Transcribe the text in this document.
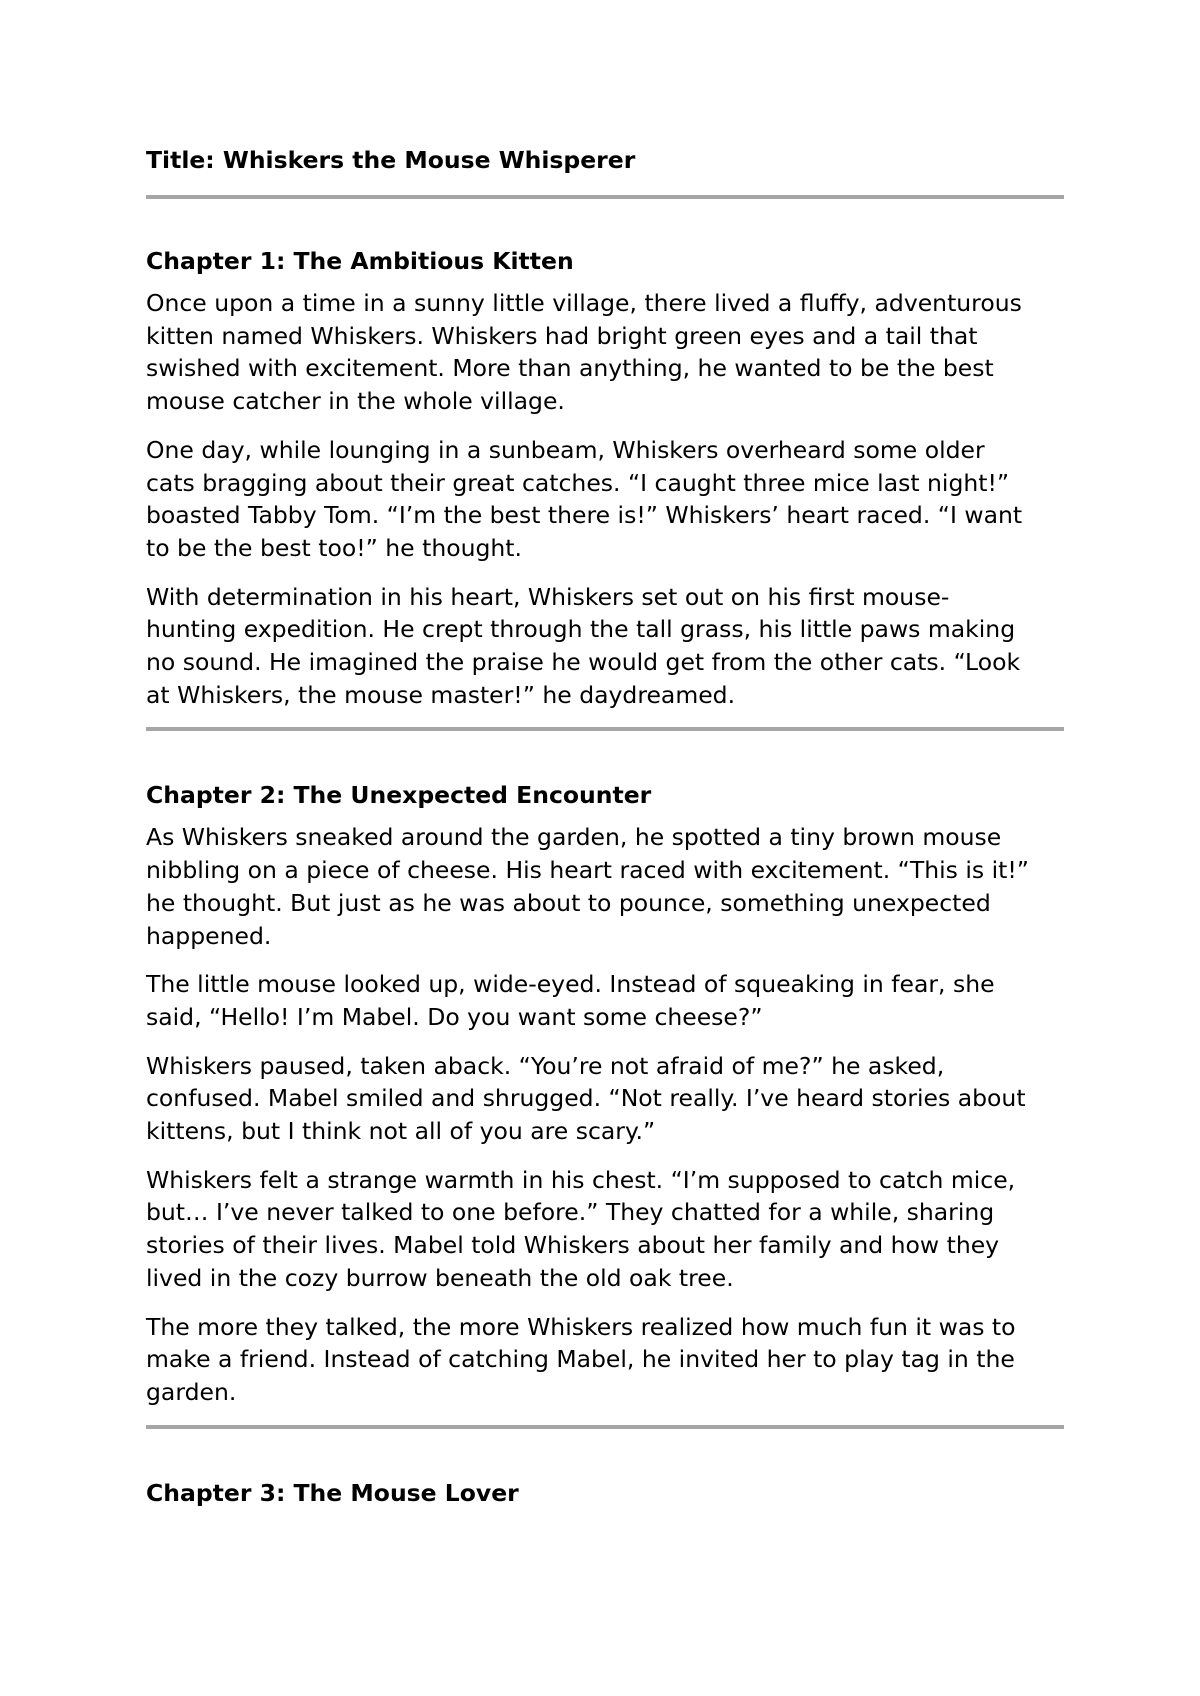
Title: Whiskers the Mouse Whisperer
Chapter 1: The Ambitious Kitten

Once upon a time in a sunny little village, there lived a fluffy, adventurous
kitten named Whiskers. Whiskers had bright green eyes and a tail that
swished with excitement. More than anything, he wanted to be the best
mouse catcher in the whole village.

One day, while lounging in a sunbeam, Whiskers overheard some older
cats bragging about their great catches. “I caught three mice last night!”
boasted Tabby Tom. “I’m the best there is!” Whiskers’ heart raced. “I want
to be the best too!” he thought.

With determination in his heart, Whiskers set out on his first mouse-
hunting expedition. He crept through the tall grass, his little paws making
no sound. He imagined the praise he would get from the other cats. “Look
at Whiskers, the mouse master!” he daydreamed.

Chapter 2: The Unexpected Encounter

As Whiskers sneaked around the garden, he spotted a tiny brown mouse
nibbling on a piece of cheese. His heart raced with excitement. “This is it!”
he thought. But just as he was about to pounce, something unexpected
happened.

The little mouse looked up, wide-eyed. Instead of squeaking in fear, she
said, “Hello! I’m Mabel. Do you want some cheese?”

Whiskers paused, taken aback. “You’re not afraid of me?” he asked,
confused. Mabel smiled and shrugged. “Not really. I’ve heard stories about
kittens, but I think not all of you are scary.”

Whiskers felt a strange warmth in his chest. “I’m supposed to catch mice,
but… I’ve never talked to one before.” They chatted for a while, sharing
stories of their lives. Mabel told Whiskers about her family and how they
lived in the cozy burrow beneath the old oak tree.

The more they talked, the more Whiskers realized how much fun it was to
make a friend. Instead of catching Mabel, he invited her to play tag in the
garden.

Chapter 3: The Mouse Lover
